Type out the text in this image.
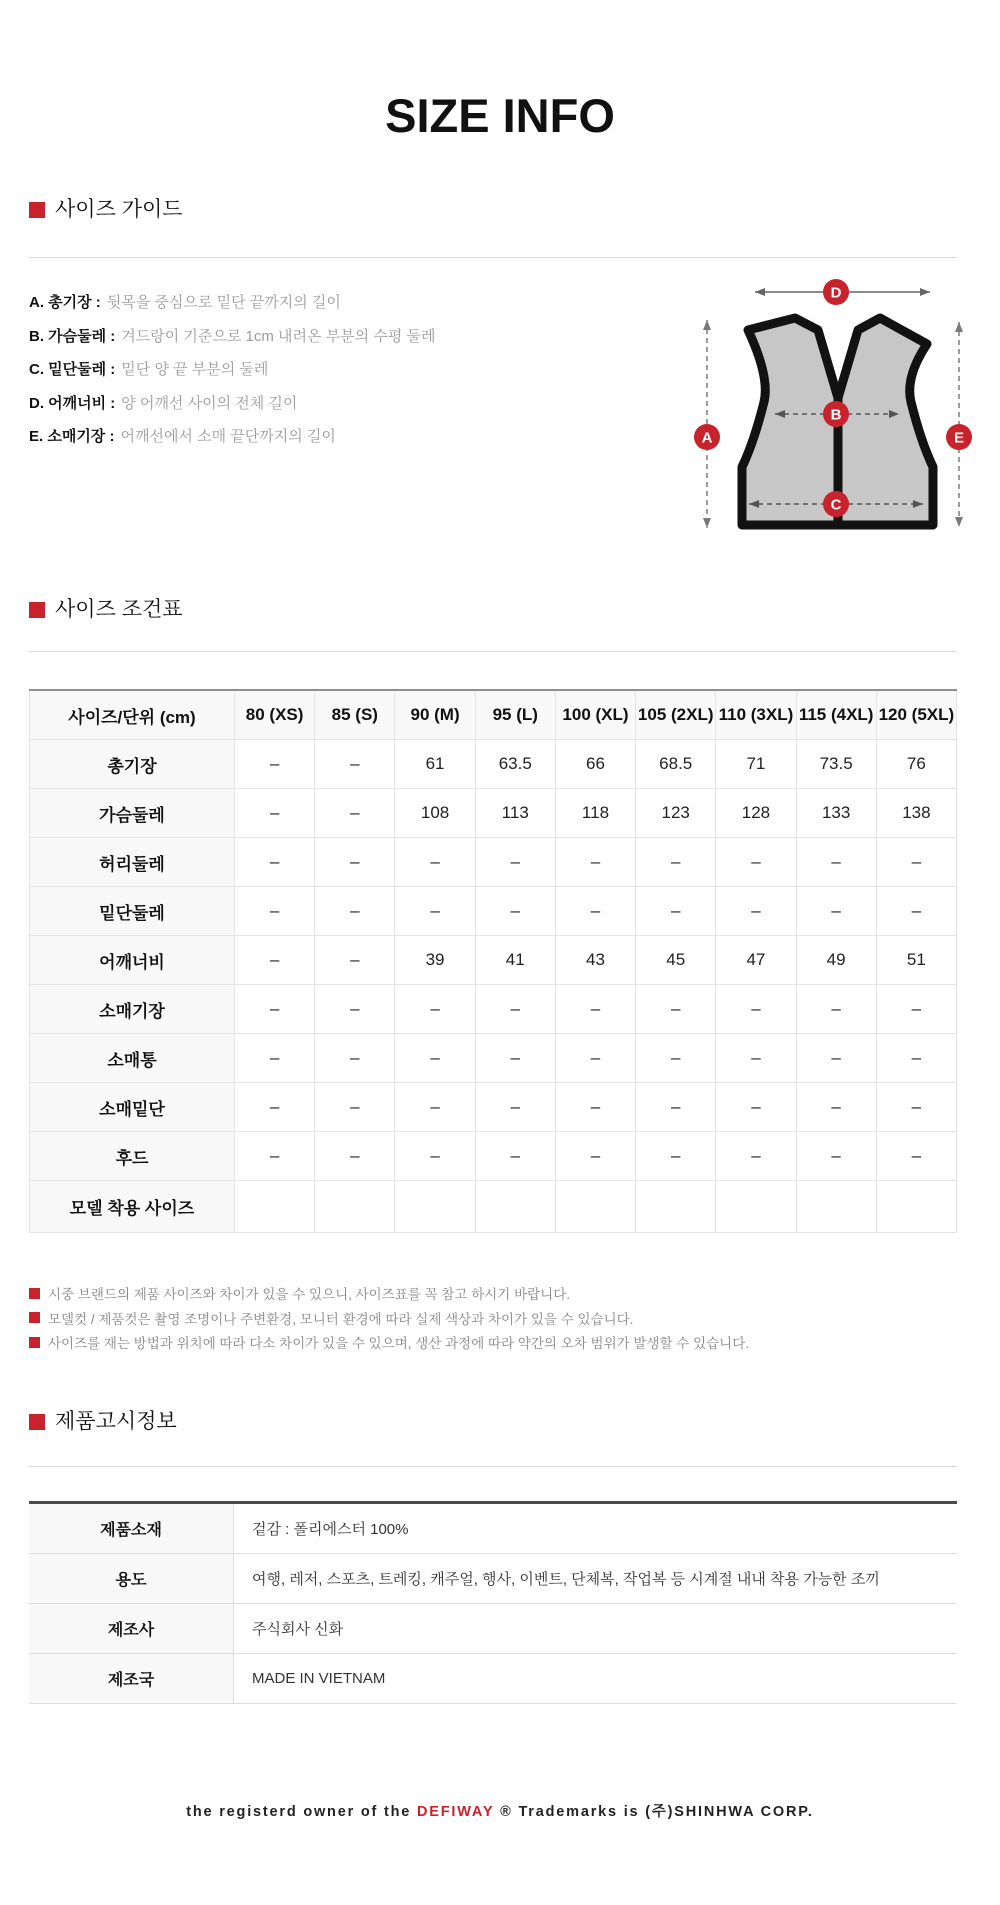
SIZE INFO
사이즈 가이드
A. 총기장 : 뒷목을 중심으로 밑단 끝까지의 길이
B. 가슴둘레 : 겨드랑이 기준으로 1cm 내려온 부분의 수평 둘레
C. 밑단둘레 : 밑단 양 끝 부분의 둘레
D. 어깨너비 : 양 어깨선 사이의 전체 길이
E. 소매기장 : 어깨선에서 소매 끝단까지의 길이	A
B
C
D
E
사이즈 조건표
사이즈/단위 (cm)	80 (XS)	85 (S)	90 (M)	95 (L)	100 (XL)	105 (2XL)	110 (3XL)	115 (4XL)	120 (5XL)
총기장	–	–	61	63.5	66	68.5	71	73.5	76
가슴둘레	–	–	108	113	118	123	128	133	138
허리둘레	–	–	–	–	–	–	–	–	–
밑단둘레	–	–	–	–	–	–	–	–	–
어깨너비	–	–	39	41	43	45	47	49	51
소매기장	–	–	–	–	–	–	–	–	–
소매통	–	–	–	–	–	–	–	–	–
소매밑단	–	–	–	–	–	–	–	–	–
후드	–	–	–	–	–	–	–	–	–
모델 착용 사이즈									
시중 브랜드의 제품 사이즈와 차이가 있을 수 있으니, 사이즈표를 꼭 참고 하시기 바랍니다.
모델컷 / 제품컷은 촬영 조명이나 주변환경, 모니터 환경에 따라 실제 색상과 차이가 있을 수 있습니다.
사이즈를 재는 방법과 위치에 따라 다소 차이가 있을 수 있으며, 생산 과정에 따라 약간의 오차 범위가 발생할 수 있습니다.
제품고시정보
제품소재	겉감 : 폴리에스터 100%
용도	여행, 레저, 스포츠, 트레킹, 캐주얼, 행사, 이벤트, 단체복, 작업복 등 시계절 내내 착용 가능한 조끼
제조사	주식회사 신화
제조국	MADE IN VIETNAM
the registerd owner of the DEFIWAY ® Trademarks is (주)SHINHWA CORP.
